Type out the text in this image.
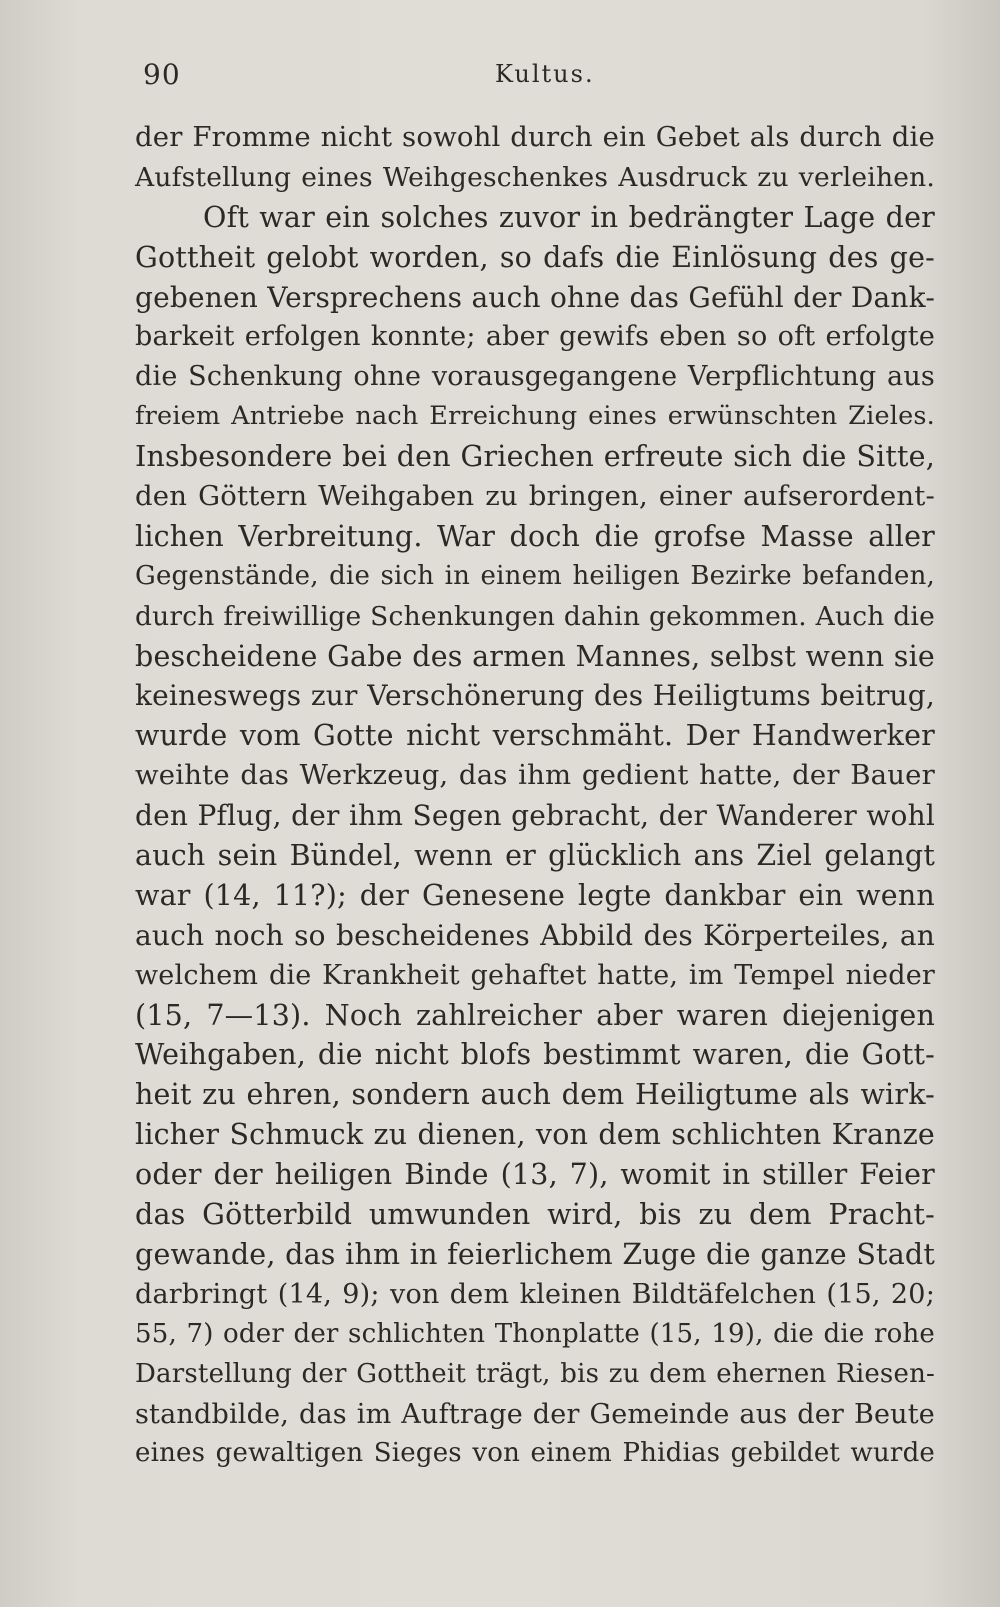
90	Kultus.
der Fromme nicht sowohl durch ein Gebet als durch die
Aufstellung eines Weihgeschenkes Ausdruck zu verleihen.
Oft war ein solches zuvor in bedrängter Lage der
Gottheit gelobt worden, so dafs die Einlösung des ge-
gebenen Versprechens auch ohne das Gefühl der Dank-
barkeit erfolgen konnte; aber gewifs eben so oft erfolgte
die Schenkung ohne vorausgegangene Verpflichtung aus
freiem Antriebe nach Erreichung eines erwünschten Zieles.
Insbesondere bei den Griechen erfreute sich die Sitte,
den Göttern Weihgaben zu bringen, einer aufserordent-
lichen Verbreitung. War doch die grofse Masse aller
Gegenstände, die sich in einem heiligen Bezirke befanden,
durch freiwillige Schenkungen dahin gekommen. Auch die
bescheidene Gabe des armen Mannes, selbst wenn sie
keineswegs zur Verschönerung des Heiligtums beitrug,
wurde vom Gotte nicht verschmäht. Der Handwerker
weihte das Werkzeug, das ihm gedient hatte, der Bauer
den Pflug, der ihm Segen gebracht, der Wanderer wohl
auch sein Bündel, wenn er glücklich ans Ziel gelangt
war (14, 11?); der Genesene legte dankbar ein wenn
auch noch so bescheidenes Abbild des Körperteiles, an
welchem die Krankheit gehaftet hatte, im Tempel nieder
(15, 7—13). Noch zahlreicher aber waren diejenigen
Weihgaben, die nicht blofs bestimmt waren, die Gott-
heit zu ehren, sondern auch dem Heiligtume als wirk-
licher Schmuck zu dienen, von dem schlichten Kranze
oder der heiligen Binde (13, 7), womit in stiller Feier
das Götterbild umwunden wird, bis zu dem Pracht-
gewande, das ihm in feierlichem Zuge die ganze Stadt
darbringt (14, 9); von dem kleinen Bildtäfelchen (15, 20;
55, 7) oder der schlichten Thonplatte (15, 19), die die rohe
Darstellung der Gottheit trägt, bis zu dem ehernen Riesen-
standbilde, das im Auftrage der Gemeinde aus der Beute
eines gewaltigen Sieges von einem Phidias gebildet wurde
